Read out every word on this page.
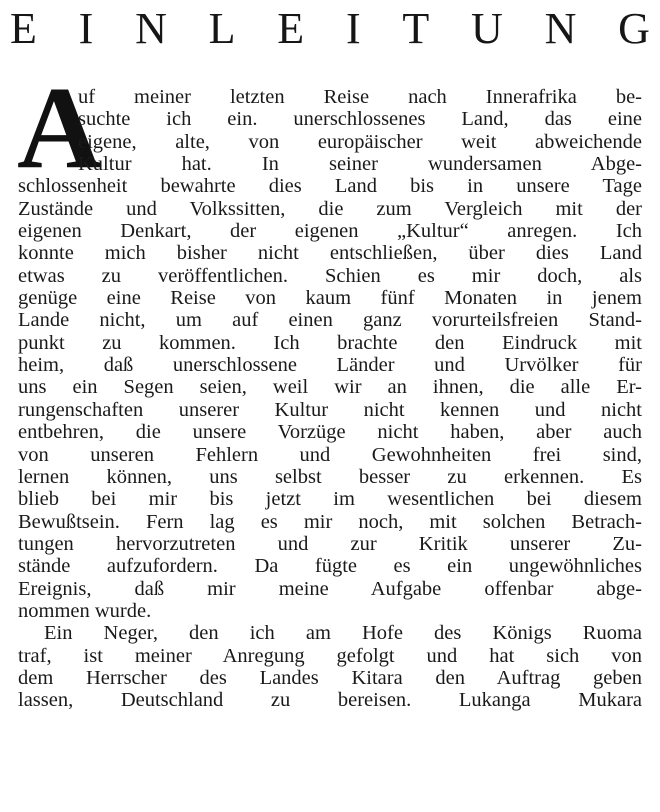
E I N L E I T U N G
A
uf meiner letzten Reise nach Innerafrika be-
suchte ich ein. unerschlossenes Land, das eine
eigene, alte, von europäischer weit abweichende
Kultur hat. In seiner wundersamen Abge-
schlossenheit bewahrte dies Land bis in unsere Tage
Zustände und Volkssitten, die zum Vergleich mit der
eigenen Denkart, der eigenen „Kultur“ anregen. Ich
konnte mich bisher nicht entschließen, über dies Land
etwas zu veröffentlichen. Schien es mir doch, als
genüge eine Reise von kaum fünf Monaten in jenem
Lande nicht, um auf einen ganz vorurteilsfreien Stand-
punkt zu kommen. Ich brachte den Eindruck mit
heim, daß unerschlossene Länder und Urvölker für
uns ein Segen seien, weil wir an ihnen, die alle Er-
rungenschaften unserer Kultur nicht kennen und nicht
entbehren, die unsere Vorzüge nicht haben, aber auch
von unseren Fehlern und Gewohnheiten frei sind,
lernen können, uns selbst besser zu erkennen. Es
blieb bei mir bis jetzt im wesentlichen bei diesem
Bewußtsein. Fern lag es mir noch, mit solchen Betrach-
tungen hervorzutreten und zur Kritik unserer Zu-
stände aufzufordern. Da fügte es ein ungewöhnliches
Ereignis, daß mir meine Aufgabe offenbar abge-
nommen wurde.
Ein Neger, den ich am Hofe des Königs Ruoma
traf, ist meiner Anregung gefolgt und hat sich von
dem Herrscher des Landes Kitara den Auftrag geben
lassen, Deutschland zu bereisen. Lukanga Mukara
